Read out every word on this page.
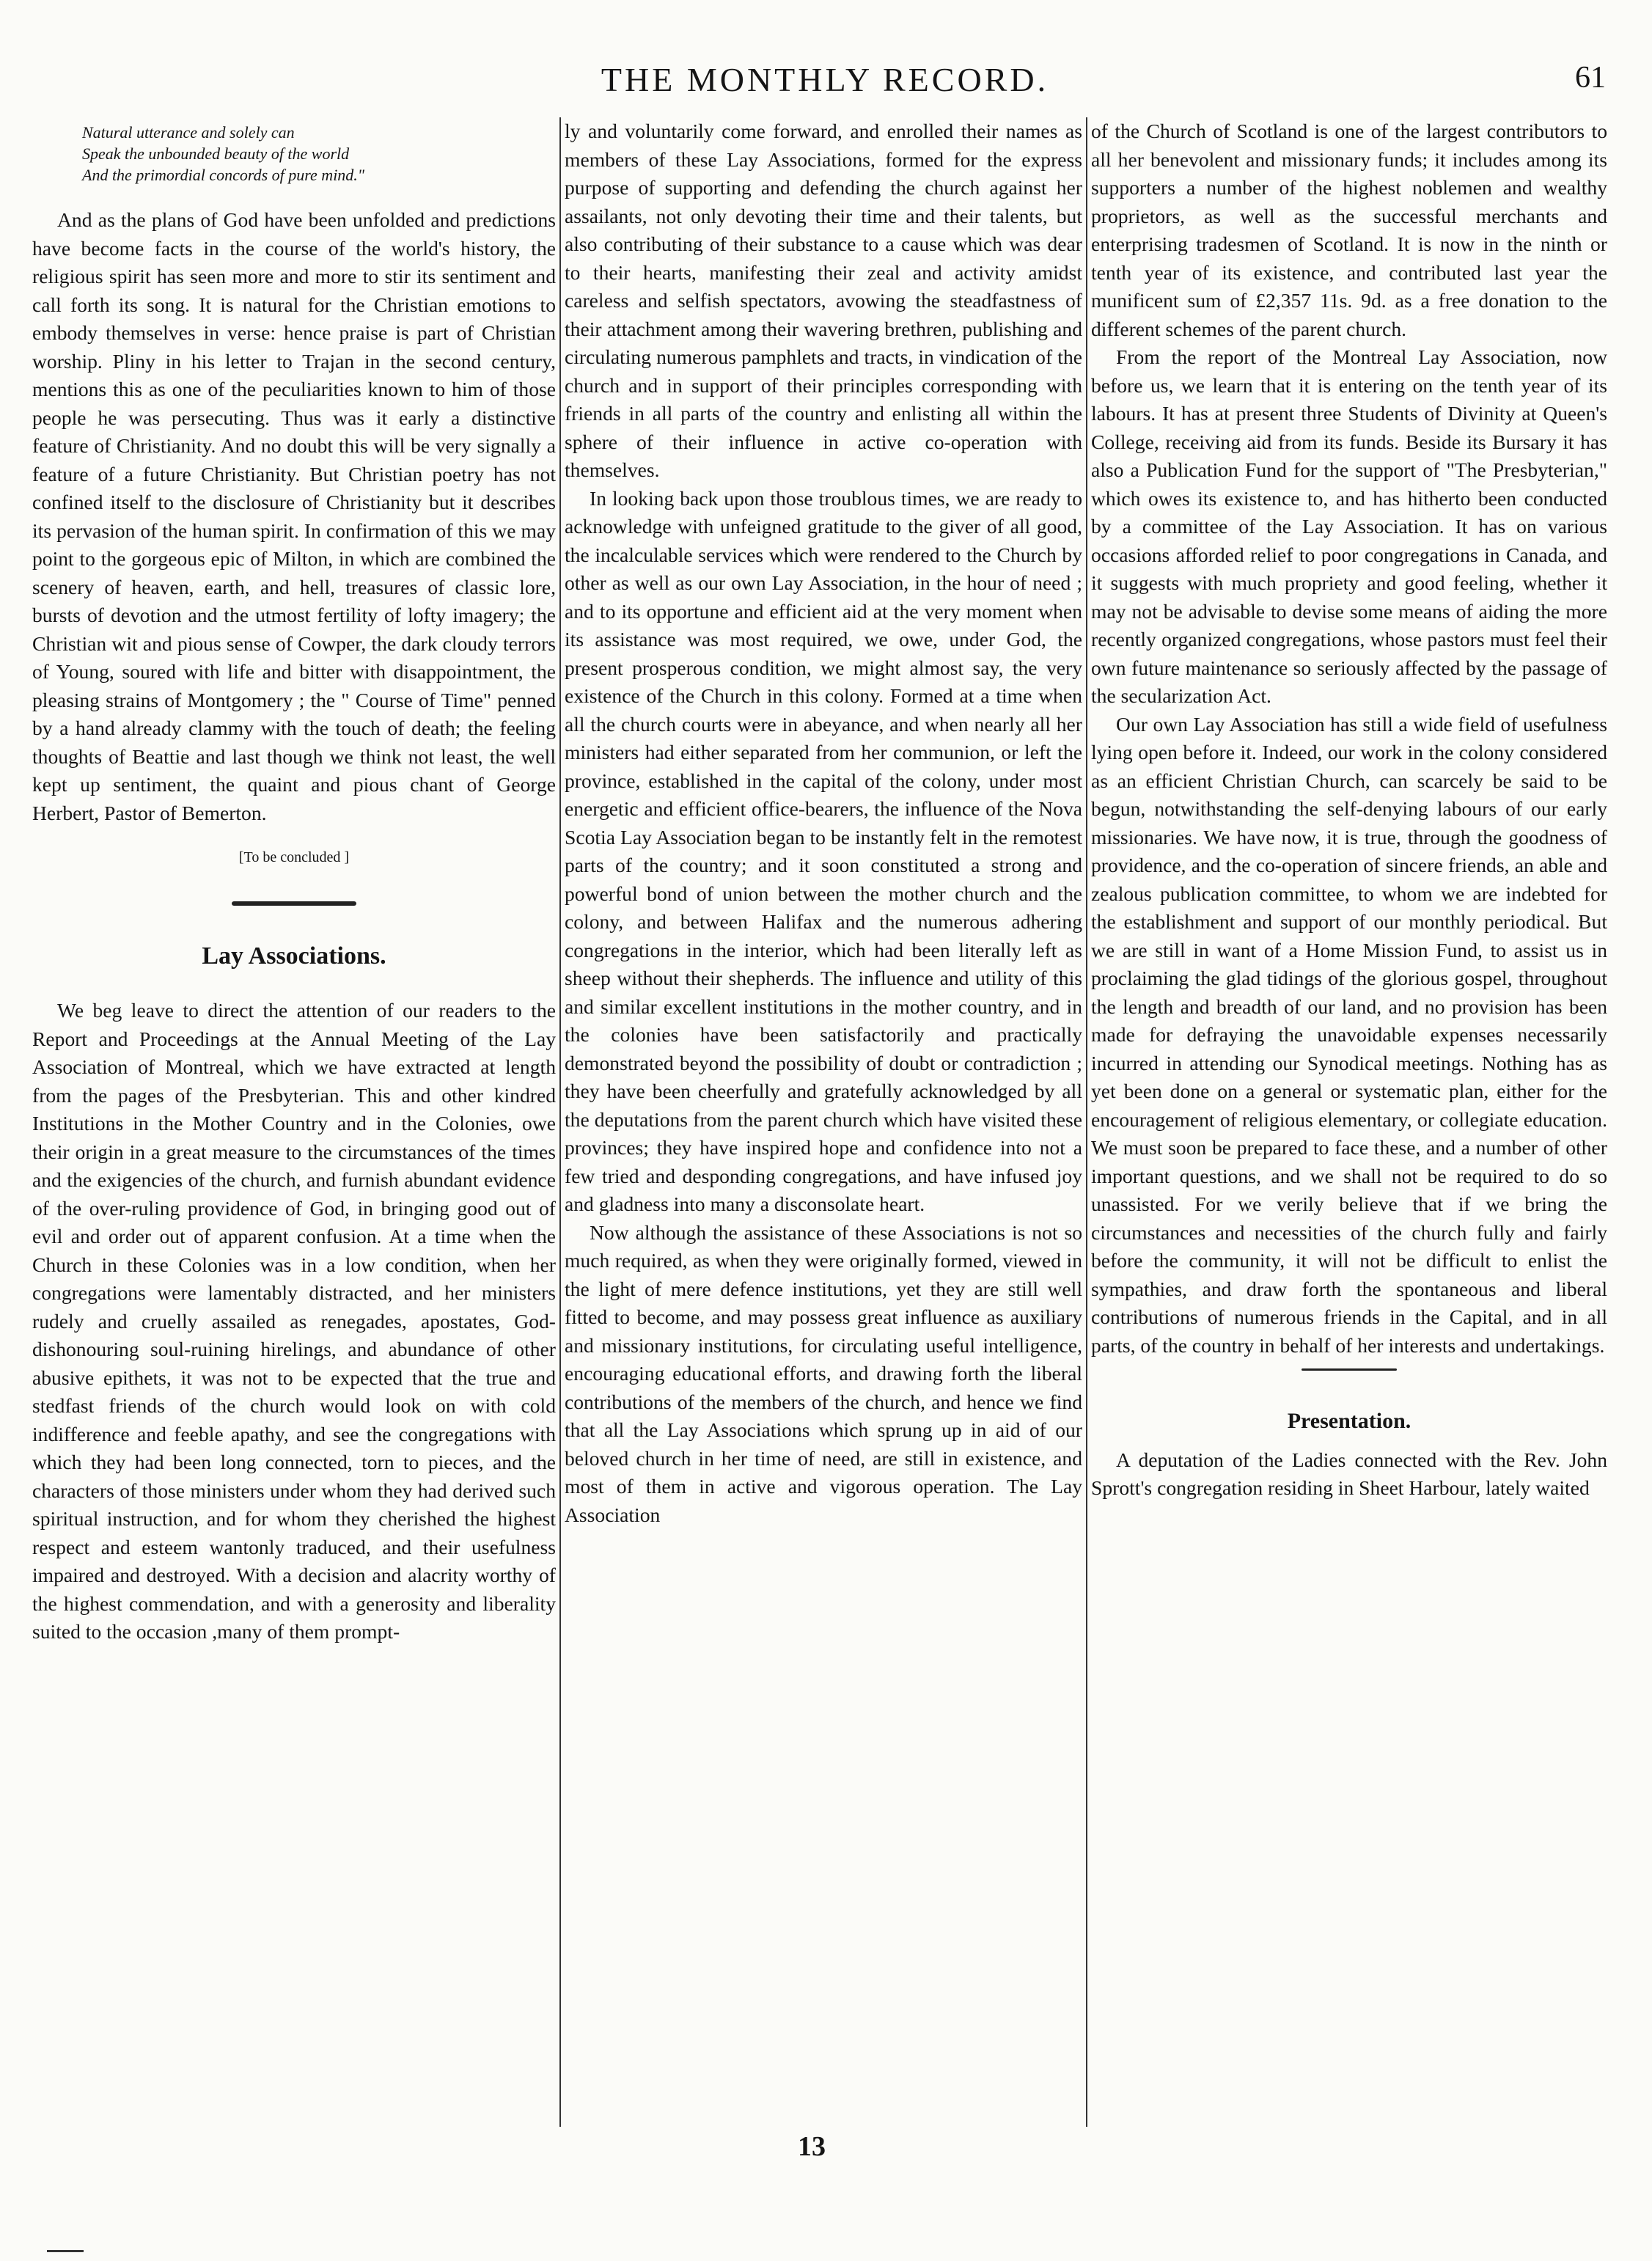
THE MONTHLY RECORD.	61
Natural utterance and solely can
Speak the unbounded beauty of the world
And the primordial concords of pure mind."

And as the plans of God have been unfolded and predictions have become facts in the course of the world's history, the religious spirit has seen more and more to stir its sentiment and call forth its song. It is natural for the Christian emotions to embody themselves in verse: hence praise is part of Christian worship. Pliny in his letter to Trajan in the second century, mentions this as one of the peculiarities known to him of those people he was persecuting. Thus was it early a distinctive feature of Christianity. And no doubt this will be very signally a feature of a future Christianity. But Christian poetry has not confined itself to the disclosure of Christianity but it describes its pervasion of the human spirit. In confirmation of this we may point to the gorgeous epic of Milton, in which are combined the scenery of heaven, earth, and hell, treasures of classic lore, bursts of devotion and the utmost fertility of lofty imagery; the Christian wit and pious sense of Cowper, the dark cloudy terrors of Young, soured with life and bitter with disappointment, the pleasing strains of Montgomery ; the " Course of Time" penned by a hand already clammy with the touch of death; the feeling thoughts of Beattie and last though we think not least, the well kept up sentiment, the quaint and pious chant of George Herbert, Pastor of Bemerton.

[To be concluded ]
Lay Associations.

We beg leave to direct the attention of our readers to the Report and Proceedings at the Annual Meeting of the Lay Association of Montreal, which we have extracted at length from the pages of the Presbyterian. This and other kindred Institutions in the Mother Country and in the Colonies, owe their origin in a great measure to the circumstances of the times and the exigencies of the church, and furnish abundant evidence of the over-ruling providence of God, in bringing good out of evil and order out of apparent confusion. At a time when the Church in these Colonies was in a low condition, when her congregations were lamentably distracted, and her ministers rudely and cruelly assailed as renegades, apostates, God-dishonouring soul-ruining hirelings, and abundance of other abusive epithets, it was not to be expected that the true and stedfast friends of the church would look on with cold indifference and feeble apathy, and see the congregations with which they had been long connected, torn to pieces, and the characters of those ministers under whom they had derived such spiritual instruction, and for whom they cherished the highest respect and esteem wantonly traduced, and their usefulness impaired and destroyed. With a decision and alacrity worthy of the highest commendation, and with a generosity and liberality suited to the occasion ,many of them prompt-

ly and voluntarily come forward, and enrolled their names as members of these Lay Associations, formed for the express purpose of supporting and defending the church against her assailants, not only devoting their time and their talents, but also contributing of their substance to a cause which was dear to their hearts, manifesting their zeal and activity amidst careless and selfish spectators, avowing the steadfastness of their attachment among their wavering brethren, publishing and circulating numerous pamphlets and tracts, in vindication of the church and in support of their principles corresponding with friends in all parts of the country and enlisting all within the sphere of their influence in active co-operation with themselves.

In looking back upon those troublous times, we are ready to acknowledge with unfeigned gratitude to the giver of all good, the incalculable services which were rendered to the Church by other as well as our own Lay Association, in the hour of need ; and to its opportune and efficient aid at the very moment when its assistance was most required, we owe, under God, the present prosperous condition, we might almost say, the very existence of the Church in this colony. Formed at a time when all the church courts were in abeyance, and when nearly all her ministers had either separated from her communion, or left the province, established in the capital of the colony, under most energetic and efficient office-bearers, the influence of the Nova Scotia Lay Association began to be instantly felt in the remotest parts of the country; and it soon constituted a strong and powerful bond of union between the mother church and the colony, and between Halifax and the numerous adhering congregations in the interior, which had been literally left as sheep without their shepherds. The influence and utility of this and similar excellent institutions in the mother country, and in the colonies have been satisfactorily and practically demonstrated beyond the possibility of doubt or contradiction ; they have been cheerfully and gratefully acknowledged by all the deputations from the parent church which have visited these provinces; they have inspired hope and confidence into not a few tried and desponding congregations, and have infused joy and gladness into many a disconsolate heart.

Now although the assistance of these Associations is not so much required, as when they were originally formed, viewed in the light of mere defence institutions, yet they are still well fitted to become, and may possess great influence as auxiliary and missionary institutions, for circulating useful intelligence, encouraging educational efforts, and drawing forth the liberal contributions of the members of the church, and hence we find that all the Lay Associations which sprung up in aid of our beloved church in her time of need, are still in existence, and most of them in active and vigorous operation. The Lay Association

of the Church of Scotland is one of the largest contributors to all her benevolent and missionary funds; it includes among its supporters a number of the highest noblemen and wealthy proprietors, as well as the successful merchants and enterprising tradesmen of Scotland. It is now in the ninth or tenth year of its existence, and contributed last year the munificent sum of £2,357 11s. 9d. as a free donation to the different schemes of the parent church.

From the report of the Montreal Lay Association, now before us, we learn that it is entering on the tenth year of its labours. It has at present three Students of Divinity at Queen's College, receiving aid from its funds. Beside its Bursary it has also a Publication Fund for the support of "The Presbyterian," which owes its existence to, and has hitherto been conducted by a committee of the Lay Association. It has on various occasions afforded relief to poor congregations in Canada, and it suggests with much propriety and good feeling, whether it may not be advisable to devise some means of aiding the more recently organized congregations, whose pastors must feel their own future maintenance so seriously affected by the passage of the secularization Act.

Our own Lay Association has still a wide field of usefulness lying open before it. Indeed, our work in the colony considered as an efficient Christian Church, can scarcely be said to be begun, notwithstanding the self-denying labours of our early missionaries. We have now, it is true, through the goodness of providence, and the co-operation of sincere friends, an able and zealous publication committee, to whom we are indebted for the establishment and support of our monthly periodical. But we are still in want of a Home Mission Fund, to assist us in proclaiming the glad tidings of the glorious gospel, throughout the length and breadth of our land, and no provision has been made for defraying the unavoidable expenses necessarily incurred in attending our Synodical meetings. Nothing has as yet been done on a general or systematic plan, either for the encouragement of religious elementary, or collegiate education. We must soon be prepared to face these, and a number of other important questions, and we shall not be required to do so unassisted. For we verily believe that if we bring the circumstances and necessities of the church fully and fairly before the community, it will not be difficult to enlist the sympathies, and draw forth the spontaneous and liberal contributions of numerous friends in the Capital, and in all parts, of the country in behalf of her interests and undertakings.

Presentation.

A deputation of the Ladies connected with the Rev. John Sprott's congregation residing in Sheet Harbour, lately waited

13
